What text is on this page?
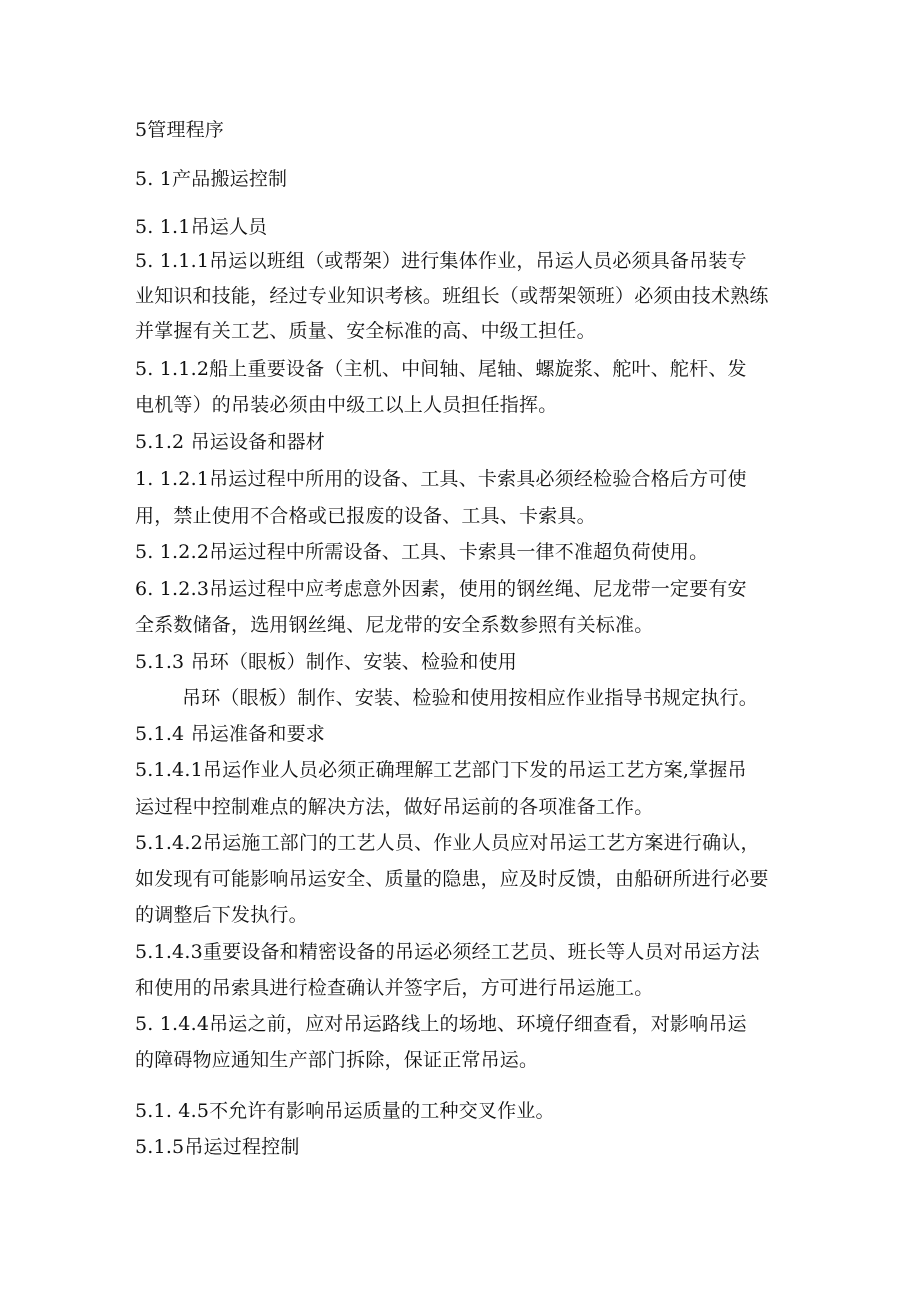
5管理程序
5. 1产品搬运控制
5. 1.1吊运人员
5. 1.1.1吊运以班组（或帮架）进行集体作业，吊运人员必须具备吊装专
业知识和技能，经过专业知识考核。班组长（或帮架领班）必须由技术熟练
并掌握有关工艺、质量、安全标准的高、中级工担任。
5. 1.1.2船上重要设备（主机、中间轴、尾轴、螺旋浆、舵叶、舵杆、发
电机等）的吊装必须由中级工以上人员担任指挥。
5.1.2 吊运设备和器材
1. 1.2.1吊运过程中所用的设备、工具、卡索具必须经检验合格后方可使
用，禁止使用不合格或已报废的设备、工具、卡索具。
5. 1.2.2吊运过程中所需设备、工具、卡索具一律不准超负荷使用。
6. 1.2.3吊运过程中应考虑意外因素，使用的钢丝绳、尼龙带一定要有安
全系数储备，选用钢丝绳、尼龙带的安全系数参照有关标准。
5.1.3 吊环（眼板）制作、安装、检验和使用
吊环（眼板）制作、安装、检验和使用按相应作业指导书规定执行。
5.1.4 吊运准备和要求
5.1.4.1吊运作业人员必须正确理解工艺部门下发的吊运工艺方案,掌握吊
运过程中控制难点的解决方法，做好吊运前的各项准备工作。
5.1.4.2吊运施工部门的工艺人员、作业人员应对吊运工艺方案进行确认，
如发现有可能影响吊运安全、质量的隐患，应及时反馈，由船研所进行必要
的调整后下发执行。
5.1.4.3重要设备和精密设备的吊运必须经工艺员、班长等人员对吊运方法
和使用的吊索具进行检查确认并签字后，方可进行吊运施工。
5. 1.4.4吊运之前，应对吊运路线上的场地、环境仔细查看，对影响吊运
的障碍物应通知生产部门拆除，保证正常吊运。
5.1. 4.5不允许有影响吊运质量的工种交叉作业。
5.1.5吊运过程控制
